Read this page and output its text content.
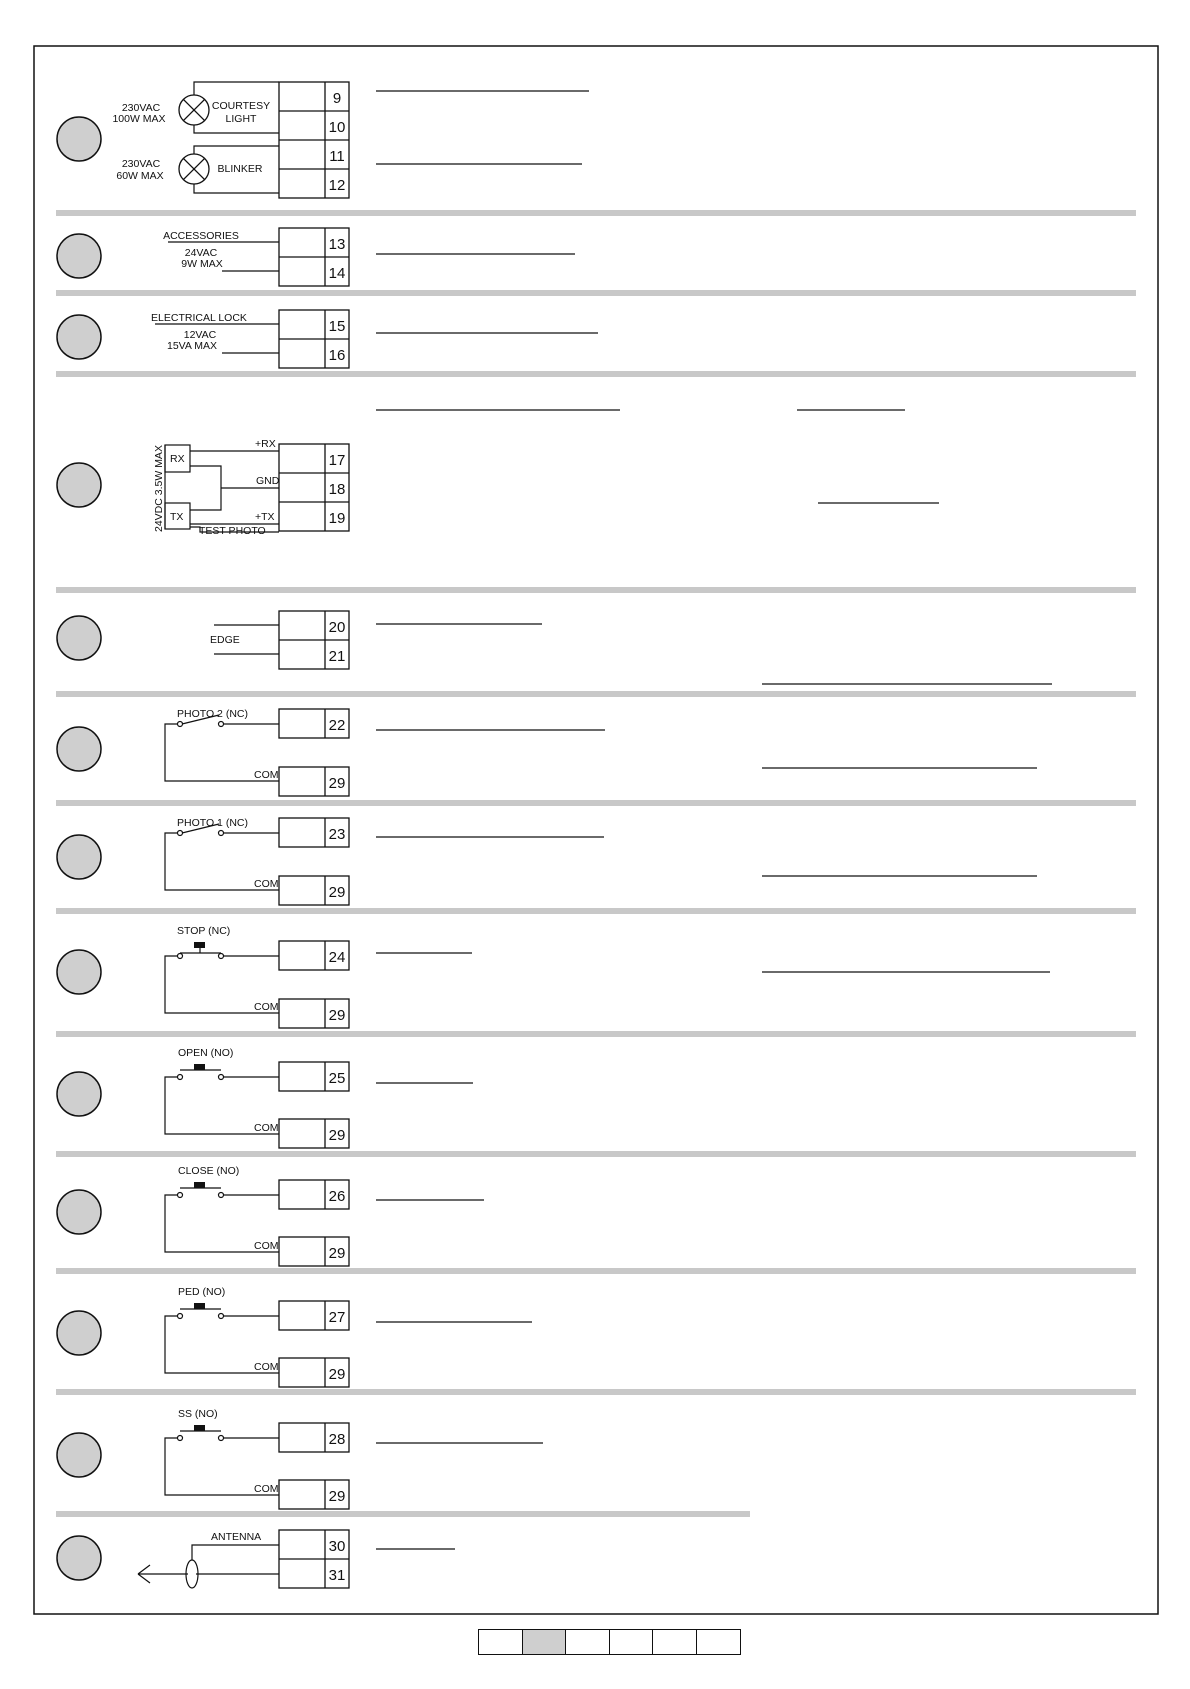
9
10
11
12
13
14
15
16
17
18
19
20
21
22
29
23
29
24
29
25
29
26
29
27
29
28
29
30
31
COURTESY
LIGHT
230VAC
100W MAX
BLINKER
230VAC
60W MAX
ACCESSORIES
24VAC
9W MAX
ELECTRICAL LOCK
12VAC
15VA MAX
RX
TX
+RX
GND
+TX
TEST PHOTO
24VDC 3.5W MAX
EDGE
PHOTO 2 (NC)
COM
PHOTO 1 (NC)
COM
STOP (NC)
COM
OPEN (NO)
COM
CLOSE (NO)
COM
PED (NO)
COM
SS (NO)
COM
ANTENNA
